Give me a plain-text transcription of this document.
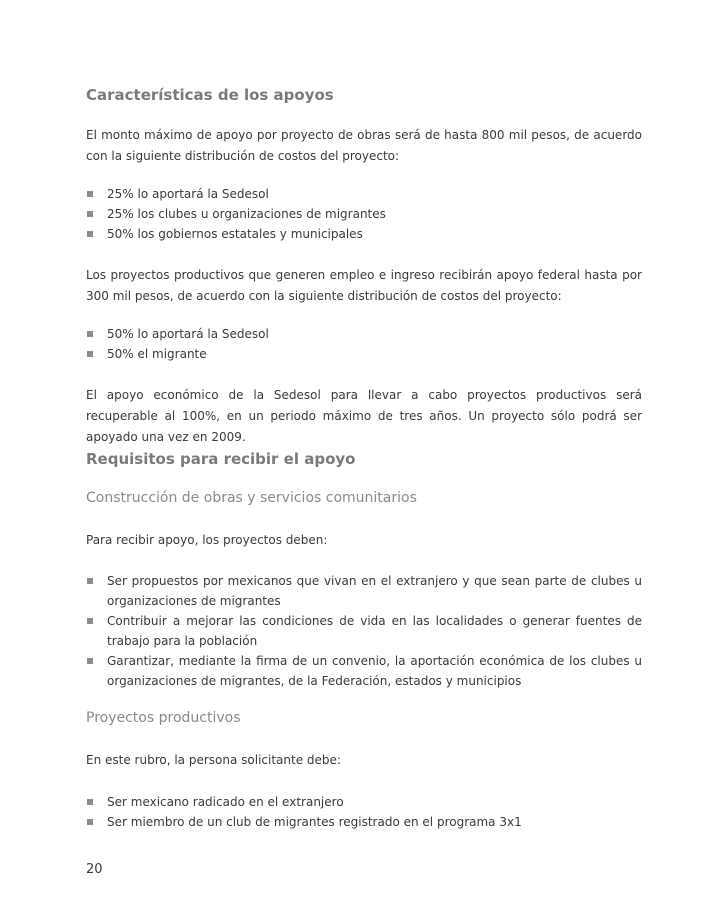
Características de los apoyos

El monto máximo de apoyo por proyecto de obras será de hasta 800 mil pesos, de acuerdo con la siguiente distribución de costos del proyecto:

25% lo aportará la Sedesol
25% los clubes u organizaciones de migrantes
50% los gobiernos estatales y municipales

Los proyectos productivos que generen empleo e ingreso recibirán apoyo federal hasta por 300 mil pesos, de acuerdo con la siguiente distribución de costos del proyecto:

50% lo aportará la Sedesol
50% el migrante

El apoyo económico de la Sedesol para llevar a cabo proyectos productivos será recuperable al 100%, en un periodo máximo de tres años. Un proyecto sólo podrá ser apoyado una vez en 2009.

Requisitos para recibir el apoyo
Construcción de obras y servicios comunitarios

Para recibir apoyo, los proyectos deben:

Ser propuestos por mexicanos que vivan en el extranjero y que sean parte de clubes u organizaciones de migrantes
Contribuir a mejorar las condiciones de vida en las localidades o generar fuentes de trabajo para la población
Garantizar, mediante la firma de un convenio, la aportación económica de los clubes u organizaciones de migrantes, de la Federación, estados y municipios
Proyectos productivos

En este rubro, la persona solicitante debe:

Ser mexicano radicado en el extranjero
Ser miembro de un club de migrantes registrado en el programa 3x1
20
